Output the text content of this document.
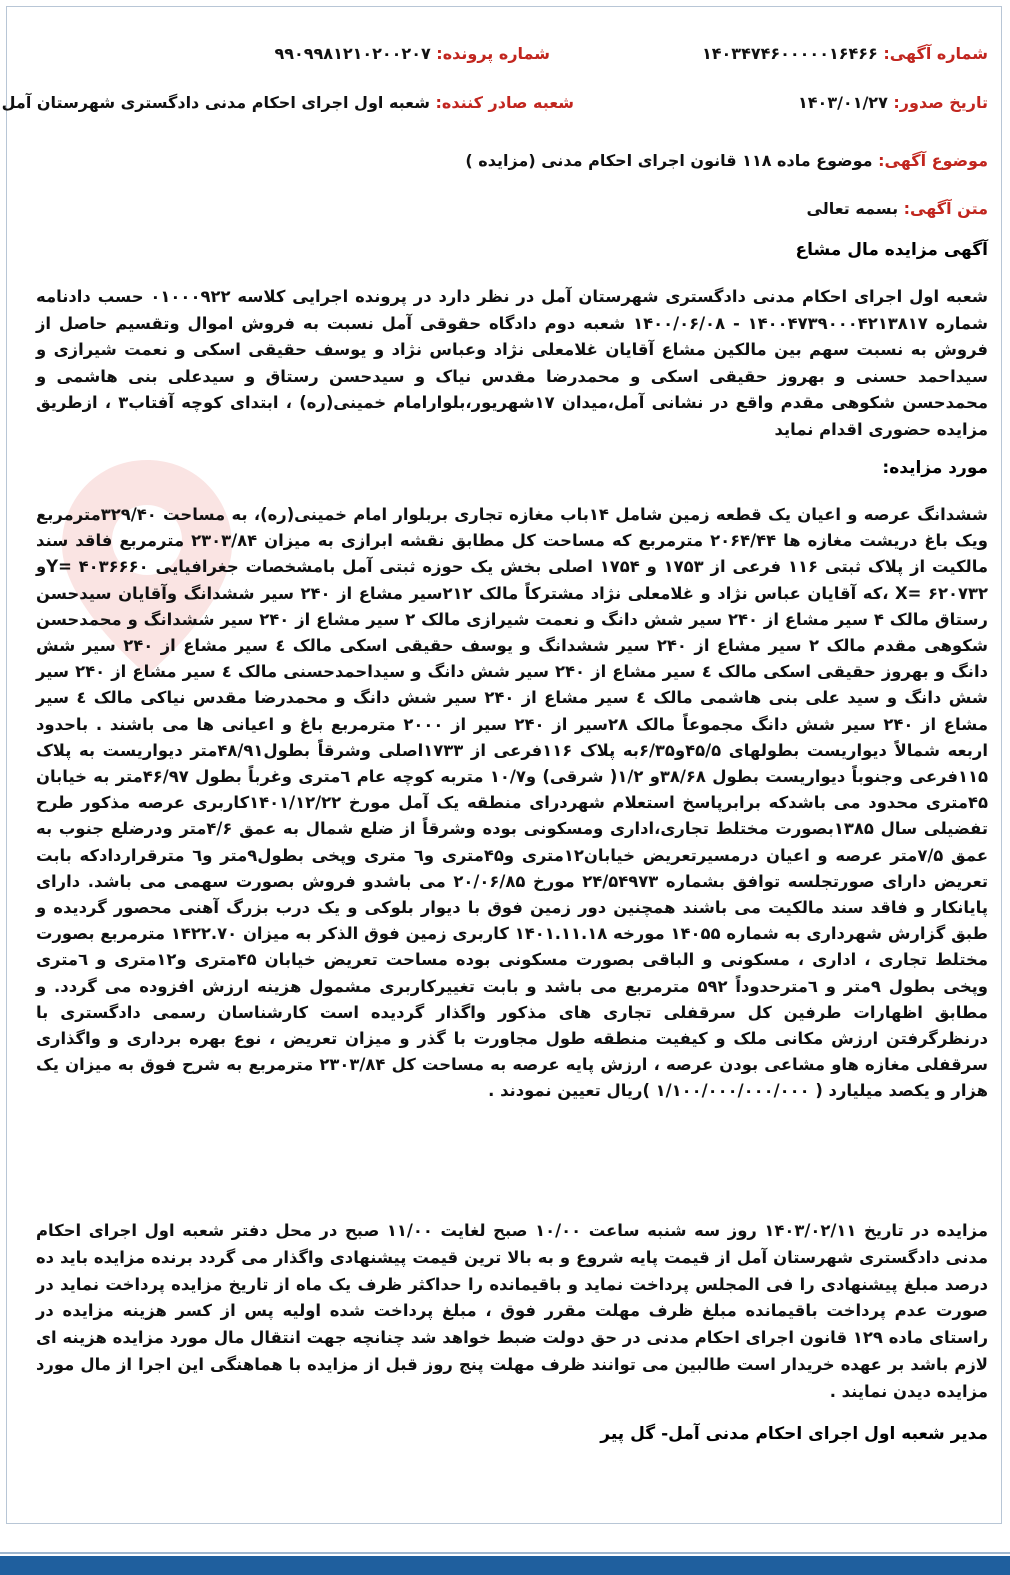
شماره آگهی: ۱۴۰۳۴۷۴۶۰۰۰۰۰۱۶۴۶۶
شماره پرونده: ۹۹۰۹۹۸۱۲۱۰۲۰۰۲۰۷
تاریخ صدور: ۱۴۰۳/۰۱/۲۷
شعبه صادر کننده: شعبه اول اجرای احکام مدنی دادگستری شهرستان آمل
موضوع آگهی: موضوع ماده ۱۱۸ قانون اجرای احکام مدنی (مزایده )
متن آگهی: بسمه تعالی
آگهی مزایده مال مشاع
شعبه اول اجرای احکام مدنی دادگستری شهرستان آمل در نظر دارد در پرونده اجرایی کلاسه ۰۱۰۰۰۹۲۲ حسب دادنامه شماره ۱۴۰۰۴۷۳۹۰۰۰۴۲۱۳۸۱۷ - ۱۴۰۰/۰۶/۰۸ شعبه دوم دادگاه حقوقی آمل نسبت به فروش اموال وتقسیم حاصل از فروش به نسبت سهم بین مالکین مشاع آقایان غلامعلی نژاد وعباس نژاد و یوسف حقیقی اسکی و نعمت شیرازی و سیداحمد حسنی و بهروز حقیقی اسکی و محمدرضا مقدس نیاک و سیدحسن رستاق و سیدعلی بنی هاشمی و محمدحسن شکوهی مقدم واقع در نشانی آمل،میدان ۱۷شهریور،بلوارامام خمینی(ره) ، ابتدای کوچه آفتاب۳ ، ازطریق مزایده حضوری اقدام نماید
مورد مزایده:
ششدانگ عرصه و اعیان یک قطعه زمین شامل ۱۴باب مغازه تجاری بربلوار امام خمینی(ره)، به مساحت ۳۲۹/۴۰مترمربع ویک باغ دریشت مغازه ها ۲۰۶۴/۴۴ مترمربع که مساحت کل مطابق نقشه ابرازی به میزان ۲۳۰۳/۸۴ مترمربع فاقد سند مالکیت از پلاک ثبتی ۱۱۶ فرعی از ۱۷۵۳ و ۱۷۵۴ اصلی بخش یک حوزه ثبتی آمل بامشخصات جغرافیایی Y= ۴۰۳۶۶۶۰و X= ۶۲۰۷۳۲ ،که آقایان عباس نژاد و غلامعلی نژاد مشترکاً مالک ۲۱۲سیر مشاع از ۲۴۰ سیر ششدانگ وآقایان سیدحسن رستاق مالک ۴ سیر مشاع از ۲۴۰ سیر شش دانگ و نعمت شیرازی مالک ۲ سیر مشاع از ۲۴۰ سیر ششدانگ و محمدحسن شکوهی مقدم مالک ۲ سیر مشاع از ۲۴۰ سیر ششدانگ و یوسف حقیقی اسکی مالک ٤ سیر مشاع از ۲۴۰ سیر شش دانگ و بهروز حقیقی اسکی مالک ٤ سیر مشاع از ۲۴۰ سیر شش دانگ و سیداحمدحسنی مالک ٤ سیر مشاع از ۲۴۰ سیر شش دانگ و سید علی بنی هاشمی مالک ٤ سیر مشاع از ۲۴۰ سیر شش دانگ و محمدرضا مقدس نیاکی مالک ٤ سیر مشاع از ۲۴۰ سیر شش دانگ مجموعاً مالک ۲۸سیر از ۲۴۰ سیر از ۲۰۰۰ مترمربع باغ و اعیانی ها می باشند . باحدود اربعه شمالاً دیواریست بطولهای ۴۵/۵و۶/۳۵به پلاک ۱۱۶فرعی از ۱۷۳۳اصلی وشرقاً بطول۴۸/۹۱متر دیواریست به پلاک ۱۱۵فرعی وجنوباً دیواریست بطول ۳۸/۶۸و ۱/۲( شرقی) و۱۰/۷ متربه کوچه عام ٦متری وغرباً بطول ۴۶/۹۷متر به خیابان ۴۵متری محدود می باشدکه برابرپاسخ استعلام شهردرای منطقه یک آمل مورخ ۱۴۰۱/۱۲/۲۲کاربری عرصه مذکور طرح تفضیلی سال ۱۳۸۵بصورت مختلط تجاری،اداری ومسکونی بوده وشرقاً از ضلع شمال به عمق ۴/۶متر ودرضلع جنوب به عمق ۷/۵متر عرصه و اعیان درمسیرتعریض خیابان۱۲متری و۴۵متری و٦ متری وپخی بطول۹متر و٦ مترقراردادکه بابت تعریض دارای صورتجلسه توافق بشماره ۲۴/۵۴۹۷۳ مورخ ۲۰/۰۶/۸۵ می باشدو فروش بصورت سهمی می باشد. دارای پایانکار و فاقد سند مالکیت می باشند همچنین دور زمین فوق با دیوار بلوکی و یک درب بزرگ آهنی محصور گردیده و طبق گزارش شهرداری به شماره ۱۴۰۵۵ مورخه ۱۴۰۱.۱۱.۱۸ کاربری زمین فوق الذکر به میزان ۱۴۲۲.۷۰ مترمربع بصورت مختلط تجاری ، اداری ، مسکونی و الباقی بصورت مسکونی بوده مساحت تعریض خیابان ۴۵متری و۱۲متری و ٦متری وپخی بطول ۹متر و ٦مترحدوداً ۵۹۲ مترمربع می باشد و بابت تغییرکاربری مشمول هزینه ارزش افزوده می گردد. و مطابق اظهارات طرفین کل سرقفلی تجاری های مذکور واگذار گردیده است کارشناسان رسمی دادگستری با درنظرگرفتن ارزش مکانی ملک و کیفیت منطقه طول مجاورت با گذر و میزان تعریض ، نوع بهره برداری و واگذاری سرقفلی مغازه هاو مشاعی بودن عرصه ، ارزش پایه عرصه به مساحت کل ۲۳۰۳/۸۴ مترمربع به شرح فوق به میزان یک هزار و یکصد میلیارد ( ۱/۱۰۰/۰۰۰/۰۰۰/۰۰۰ )ریال تعیین نمودند .
مزایده در تاریخ ۱۴۰۳/۰۲/۱۱ روز سه شنبه ساعت ۱۰/۰۰ صبح لغایت ۱۱/۰۰ صبح در محل دفتر شعبه اول اجرای احکام مدنی دادگستری شهرستان آمل از قیمت پایه شروع و به بالا ترین قیمت پیشنهادی واگذار می گردد برنده مزایده باید ده درصد مبلغ پیشنهادی را فی المجلس پرداخت نماید و باقیمانده را حداکثر ظرف یک ماه از تاریخ مزایده پرداخت نماید در صورت عدم پرداخت باقیمانده مبلغ ظرف مهلت مقرر فوق ، مبلغ پرداخت شده اولیه پس از کسر هزینه مزایده در راستای ماده ۱۲۹ قانون اجرای احکام مدنی در حق دولت ضبط خواهد شد چنانچه جهت انتقال مال مورد مزایده هزینه ای لازم باشد بر عهده خریدار است طالبین می توانند ظرف مهلت پنج روز قبل از مزایده با هماهنگی این اجرا از مال مورد مزایده دیدن نمایند .
مدیر شعبه اول اجرای احکام مدنی آمل- گل پیر
